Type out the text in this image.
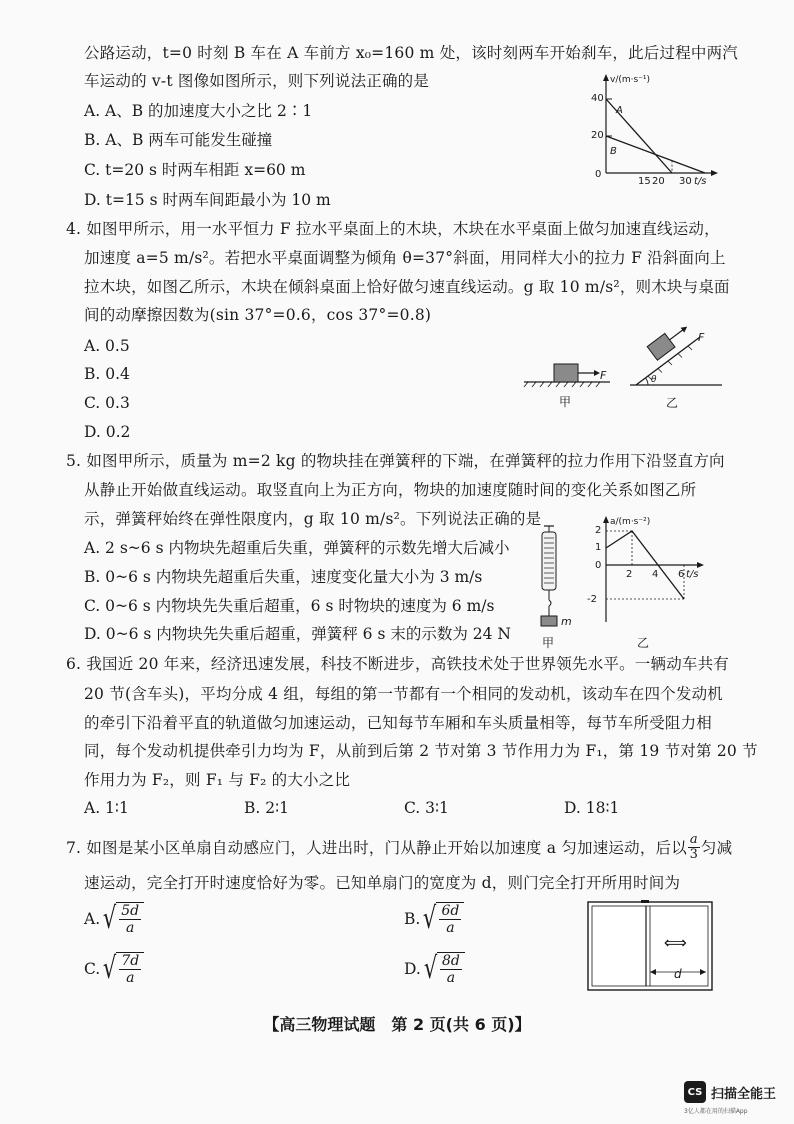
公路运动，t=0 时刻 B 车在 A 车前方 x₀=160 m 处，该时刻两车开始刹车，此后过程中两汽
车运动的 v-t 图像如图所示，则下列说法正确的是
A. A、B 的加速度大小之比 2∶1
B. A、B 两车可能发生碰撞
C. t=20 s 时两车相距 x=60 m
D. t=15 s 时两车间距最小为 10 m
v/(m·s⁻¹)
t/s
40
20
0
15 20 30
A
B
4. 如图甲所示，用一水平恒力 F 拉水平桌面上的木块，木块在水平桌面上做匀加速直线运动，
加速度 a=5 m/s²。若把水平桌面调整为倾角 θ=37°斜面，用同样大小的拉力 F 沿斜面向上
拉木块，如图乙所示，木块在倾斜桌面上恰好做匀速直线运动。g 取 10 m/s²，则木块与桌面
间的动摩擦因数为(sin 37°=0.6，cos 37°=0.8)
A. 0.5
B. 0.4
C. 0.3
D. 0.2
F
甲
F
θ
乙
5. 如图甲所示，质量为 m=2 kg 的物块挂在弹簧秤的下端，在弹簧秤的拉力作用下沿竖直方向
从静止开始做直线运动。取竖直向上为正方向，物块的加速度随时间的变化关系如图乙所
示，弹簧秤始终在弹性限度内，g 取 10 m/s²。下列说法正确的是
A. 2 s~6 s 内物块先超重后失重，弹簧秤的示数先增大后减小
B. 0~6 s 内物块先超重后失重，速度变化量大小为 3 m/s
C. 0~6 s 内物块先失重后超重，6 s 时物块的速度为 6 m/s
D. 0~6 s 内物块先失重后超重，弹簧秤 6 s 末的示数为 24 N
m
甲
a/(m·s⁻²)
t/s
2
1
0
-2
2 4 6
乙
6. 我国近 20 年来，经济迅速发展，科技不断进步，高铁技术处于世界领先水平。一辆动车共有
20 节(含车头)，平均分成 4 组，每组的第一节都有一个相同的发动机，该动车在四个发动机
的牵引下沿着平直的轨道做匀加速运动，已知每节车厢和车头质量相等，每节车所受阻力相
同，每个发动机提供牵引力均为 F，从前到后第 2 节对第 3 节作用力为 F₁，第 19 节对第 20 节
作用力为 F₂，则 F₁ 与 F₂ 的大小之比
A. 1∶1	B. 2∶1	C. 3∶1	D. 18∶1
7. 如图是某小区单扇自动感应门，人进出时，门从静止开始以加速度 a 匀加速运动，后以 $\frac{a}{3}$ 匀减
速运动，完全打开时速度恰好为零。已知单扇门的宽度为 d，则门完全打开所用时间为
A. √ $\frac{5d}{a}$	B. √ $\frac{6d}{a}$
C. √ $\frac{7d}{a}$	D. √ $\frac{8d}{a}$
⟺
d
【高三物理试题　第 2 页(共 6 页)】
CS 扫描全能王
3亿人都在用的扫描App
